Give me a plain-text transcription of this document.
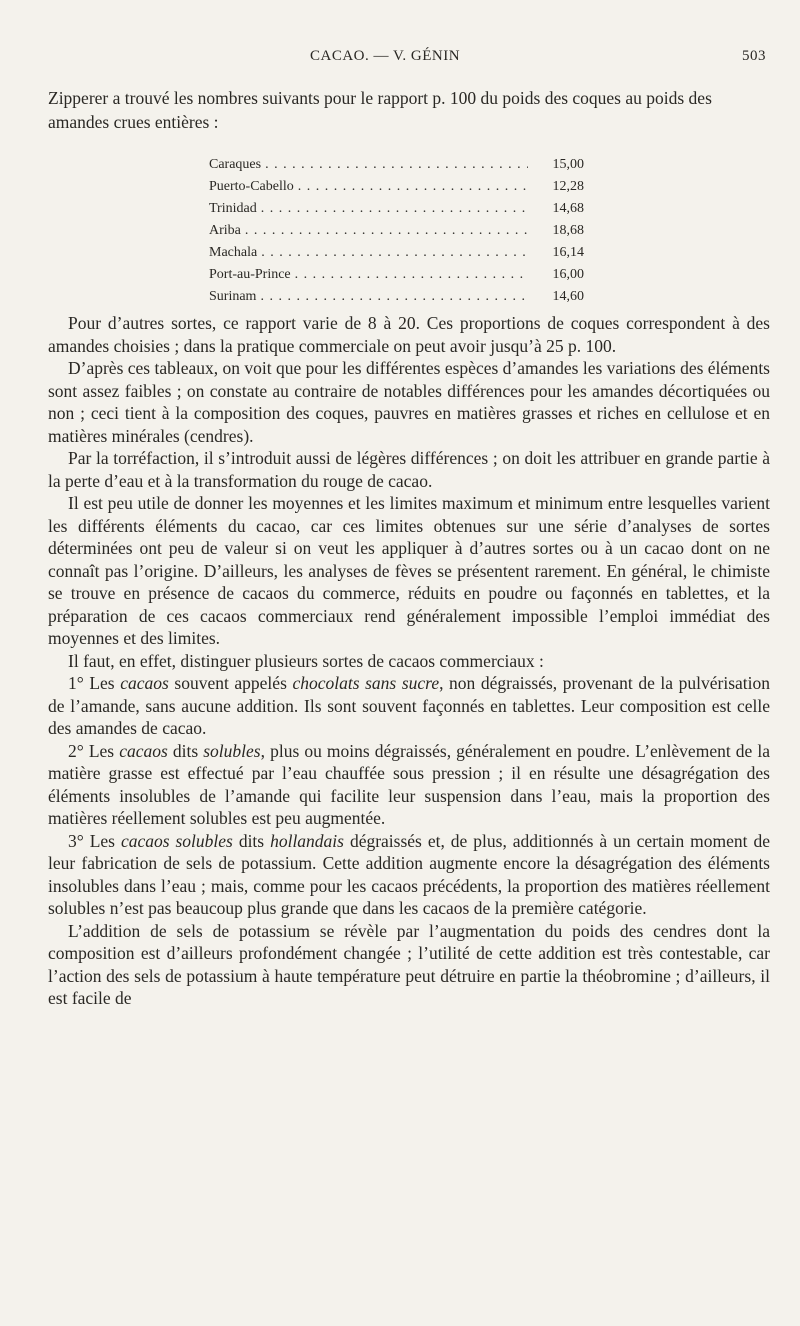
CACAO. — V. GÉNIN	503

Zipperer a trouvé les nombres suivants pour le rapport p. 100 du poids des coques au poids des amandes crues entières :

Caraques . . .	15,00
Puerto-Cabello . . .	12,28
Trinidad . . .	14,68
Ariba . . .	18,68
Machala . . .	16,14
Port-au-Prince . . .	16,00
Surinam . . .	14,60

Pour d’autres sortes, ce rapport varie de 8 à 20. Ces proportions de coques correspondent à des amandes choisies ; dans la pratique commerciale on peut avoir jusqu’à 25 p. 100.

D’après ces tableaux, on voit que pour les différentes espèces d’amandes les variations des éléments sont assez faibles ; on constate au contraire de notables différences pour les amandes décortiquées ou non ; ceci tient à la composition des coques, pauvres en matières grasses et riches en cellulose et en matières minérales (cendres).

Par la torréfaction, il s’introduit aussi de légères différences ; on doit les attribuer en grande partie à la perte d’eau et à la transformation du rouge de cacao.

Il est peu utile de donner les moyennes et les limites maximum et minimum entre lesquelles varient les différents éléments du cacao, car ces limites obtenues sur une série d’analyses de sortes déterminées ont peu de valeur si on veut les appliquer à d’autres sortes ou à un cacao dont on ne connaît pas l’origine. D’ailleurs, les analyses de fèves se présentent rarement. En général, le chimiste se trouve en présence de cacaos du commerce, réduits en poudre ou façonnés en tablettes, et la préparation de ces cacaos commerciaux rend généralement impossible l’emploi immédiat des moyennes et des limites.

Il faut, en effet, distinguer plusieurs sortes de cacaos commerciaux :

1° Les cacaos souvent appelés chocolats sans sucre, non dégraissés, provenant de la pulvérisation de l’amande, sans aucune addition. Ils sont souvent façonnés en tablettes. Leur composition est celle des amandes de cacao.

2° Les cacaos dits solubles, plus ou moins dégraissés, généralement en poudre. L’enlèvement de la matière grasse est effectué par l’eau chauffée sous pression ; il en résulte une désagrégation des éléments insolubles de l’amande qui facilite leur suspension dans l’eau, mais la proportion des matières réellement solubles est peu augmentée.

3° Les cacaos solubles dits hollandais dégraissés et, de plus, additionnés à un certain moment de leur fabrication de sels de potassium. Cette addition augmente encore la désagrégation des éléments insolubles dans l’eau ; mais, comme pour les cacaos précédents, la proportion des matières réellement solubles n’est pas beaucoup plus grande que dans les cacaos de la première catégorie.

L’addition de sels de potassium se révèle par l’augmentation du poids des cendres dont la composition est d’ailleurs profondément changée ; l’utilité de cette addition est très contestable, car l’action des sels de potassium à haute température peut détruire en partie la théobromine ; d’ailleurs, il est facile de
